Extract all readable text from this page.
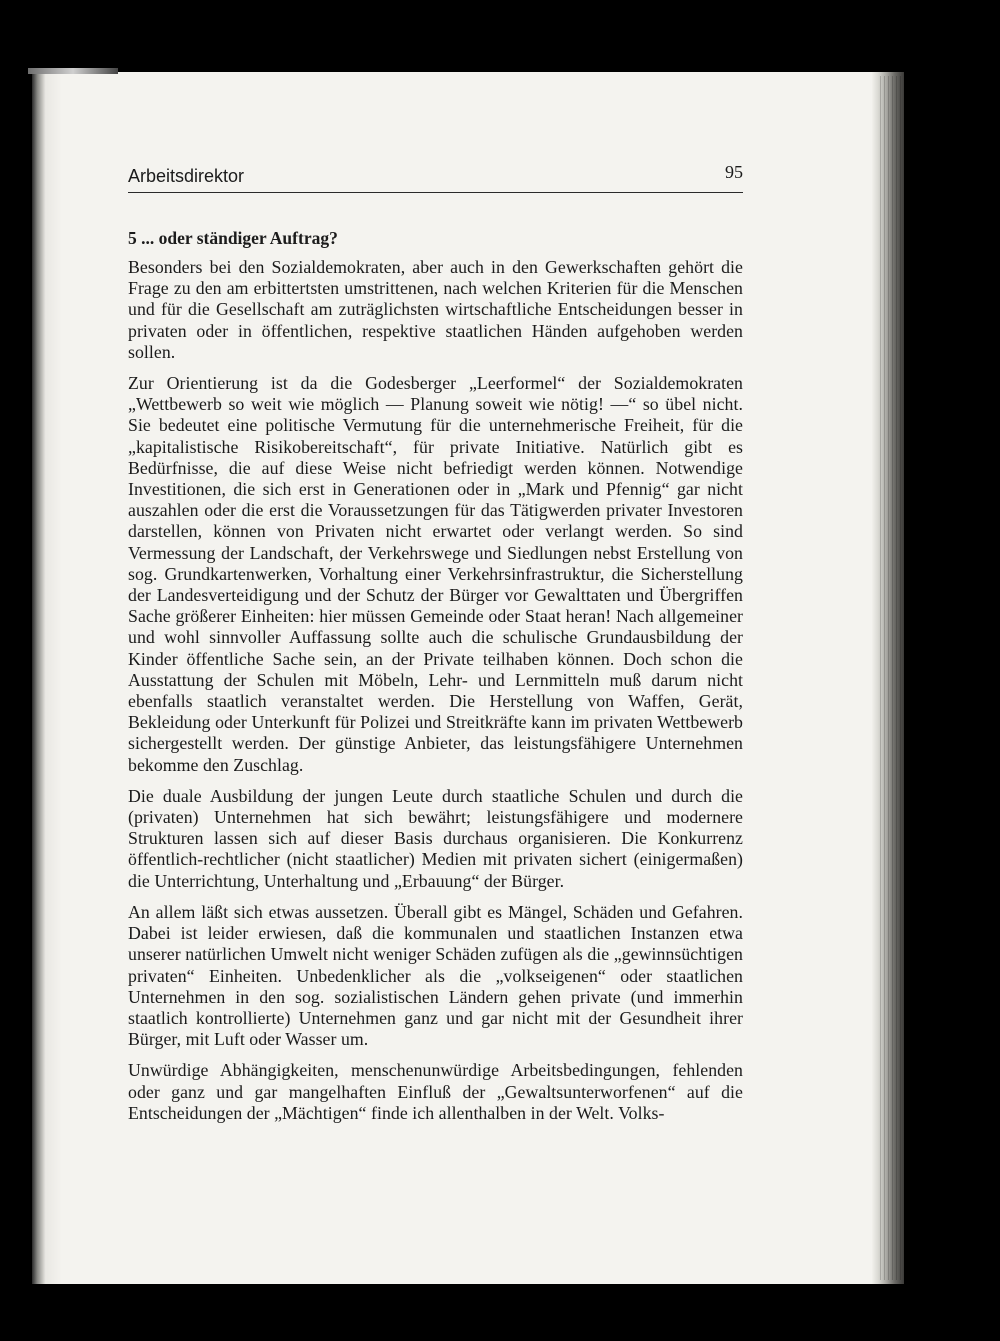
Arbeitsdirektor	95
5 ... oder ständiger Auftrag?

Besonders bei den Sozialdemokraten, aber auch in den Gewerkschaften gehört die Frage zu den am erbittertsten umstrittenen, nach welchen Kriterien für die Menschen und für die Gesellschaft am zuträglichsten wirtschaftliche Entscheidungen besser in privaten oder in öffentlichen, respektive staatlichen Händen aufgehoben werden sollen.

Zur Orientierung ist da die Godesberger „Leerformel“ der Sozialdemokraten „Wettbewerb so weit wie möglich — Planung soweit wie nötig! —“ so übel nicht. Sie bedeutet eine politische Vermutung für die unternehmerische Freiheit, für die „kapitalistische Risikobereitschaft“, für private Initiative. Natürlich gibt es Bedürfnisse, die auf diese Weise nicht befriedigt werden können. Notwendige Investitionen, die sich erst in Generationen oder in „Mark und Pfennig“ gar nicht auszahlen oder die erst die Voraussetzungen für das Tätigwerden privater Investoren darstellen, können von Privaten nicht erwartet oder verlangt werden. So sind Vermessung der Landschaft, der Verkehrswege und Siedlungen nebst Erstellung von sog. Grundkartenwerken, Vorhaltung einer Verkehrsinfrastruktur, die Sicherstellung der Landesverteidigung und der Schutz der Bürger vor Gewalttaten und Übergriffen Sache größerer Einheiten: hier müssen Gemeinde oder Staat heran! Nach allgemeiner und wohl sinnvoller Auffassung sollte auch die schulische Grundausbildung der Kinder öffentliche Sache sein, an der Private teilhaben können. Doch schon die Ausstattung der Schulen mit Möbeln, Lehr- und Lernmitteln muß darum nicht ebenfalls staatlich veranstaltet werden. Die Herstellung von Waffen, Gerät, Bekleidung oder Unterkunft für Polizei und Streitkräfte kann im privaten Wettbewerb sichergestellt werden. Der günstige Anbieter, das leistungsfähigere Unternehmen bekomme den Zuschlag.

Die duale Ausbildung der jungen Leute durch staatliche Schulen und durch die (privaten) Unternehmen hat sich bewährt; leistungsfähigere und modernere Strukturen lassen sich auf dieser Basis durchaus organisieren. Die Konkurrenz öffentlich-rechtlicher (nicht staatlicher) Medien mit privaten sichert (einigermaßen) die Unterrichtung, Unterhaltung und „Erbauung“ der Bürger.

An allem läßt sich etwas aussetzen. Überall gibt es Mängel, Schäden und Gefahren. Dabei ist leider erwiesen, daß die kommunalen und staatlichen Instanzen etwa unserer natürlichen Umwelt nicht weniger Schäden zufügen als die „gewinnsüchtigen privaten“ Einheiten. Unbedenklicher als die „volkseigenen“ oder staatlichen Unternehmen in den sog. sozialistischen Ländern gehen private (und immerhin staatlich kontrollierte) Unternehmen ganz und gar nicht mit der Gesundheit ihrer Bürger, mit Luft oder Wasser um.

Unwürdige Abhängigkeiten, menschenunwürdige Arbeitsbedingungen, fehlenden oder ganz und gar mangelhaften Einfluß der „Gewaltsunterworfenen“ auf die Entscheidungen der „Mächtigen“ finde ich allenthalben in der Welt. Volks-
